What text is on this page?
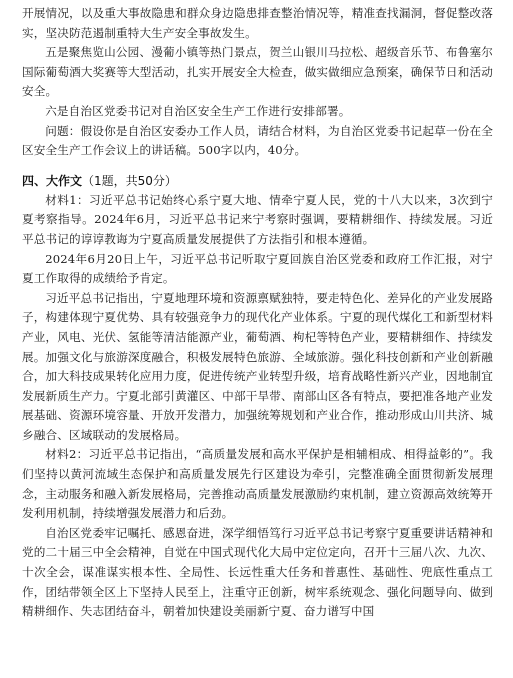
开展情况，以及重大事故隐患和群众身边隐患排查整治情况等，精准查找漏洞，督促整改落实，坚决防范遏制重特大生产安全事故发生。

五是聚焦览山公园、漫葡小镇等热门景点，贺兰山银川马拉松、超级音乐节、布鲁塞尔国际葡萄酒大奖赛等大型活动，扎实开展安全大检查，做实做细应急预案，确保节日和活动安全。

六是自治区党委书记对自治区安全生产工作进行安排部署。

问题：假设你是自治区安委办工作人员，请结合材料，为自治区党委书记起草一份在全区安全生产工作会议上的讲话稿。500字以内，40分。

四、大作文（1题，共50分）

材料1：习近平总书记始终心系宁夏大地、情牵宁夏人民，党的十八大以来，3次到宁夏考察指导。2024年6月，习近平总书记来宁考察时强调，要精耕细作、持续发展。习近平总书记的谆谆教诲为宁夏高质量发展提供了方法指引和根本遵循。

2024年6月20日上午，习近平总书记听取宁夏回族自治区党委和政府工作汇报，对宁夏工作取得的成绩给予肯定。

习近平总书记指出，宁夏地理环境和资源禀赋独特，要走特色化、差异化的产业发展路子，构建体现宁夏优势、具有较强竞争力的现代化产业体系。宁夏的现代煤化工和新型材料产业，风电、光伏、氢能等清洁能源产业，葡萄酒、枸杞等特色产业，要精耕细作、持续发展。加强文化与旅游深度融合，积极发展特色旅游、全域旅游。强化科技创新和产业创新融合，加大科技成果转化应用力度，促进传统产业转型升级，培育战略性新兴产业，因地制宜发展新质生产力。宁夏北部引黄灌区、中部干旱带、南部山区各有特点，要把准各地产业发展基础、资源环境容量、开放开发潜力，加强统筹规划和产业合作，推动形成山川共济、城乡融合、区域联动的发展格局。

材料2：习近平总书记指出，“高质量发展和高水平保护是相辅相成、相得益彰的”。我们坚持以黄河流域生态保护和高质量发展先行区建设为牵引，完整准确全面贯彻新发展理念，主动服务和融入新发展格局，完善推动高质量发展激励约束机制，建立资源高效统筹开发利用机制，持续增强发展潜力和后劲。

自治区党委牢记嘱托、感恩奋进，深学细悟笃行习近平总书记考察宁夏重要讲话精神和党的二十届三中全会精神，自觉在中国式现代化大局中定位定向，召开十三届八次、九次、十次全会，谋准谋实根本性、全局性、长远性重大任务和普惠性、基础性、兜底性重点工作，团结带领全区上下坚持人民至上，注重守正创新，树牢系统观念、强化问题导向、做到精耕细作、失志团结奋斗，朝着加快建设美丽新宁夏、奋力谱写中国
